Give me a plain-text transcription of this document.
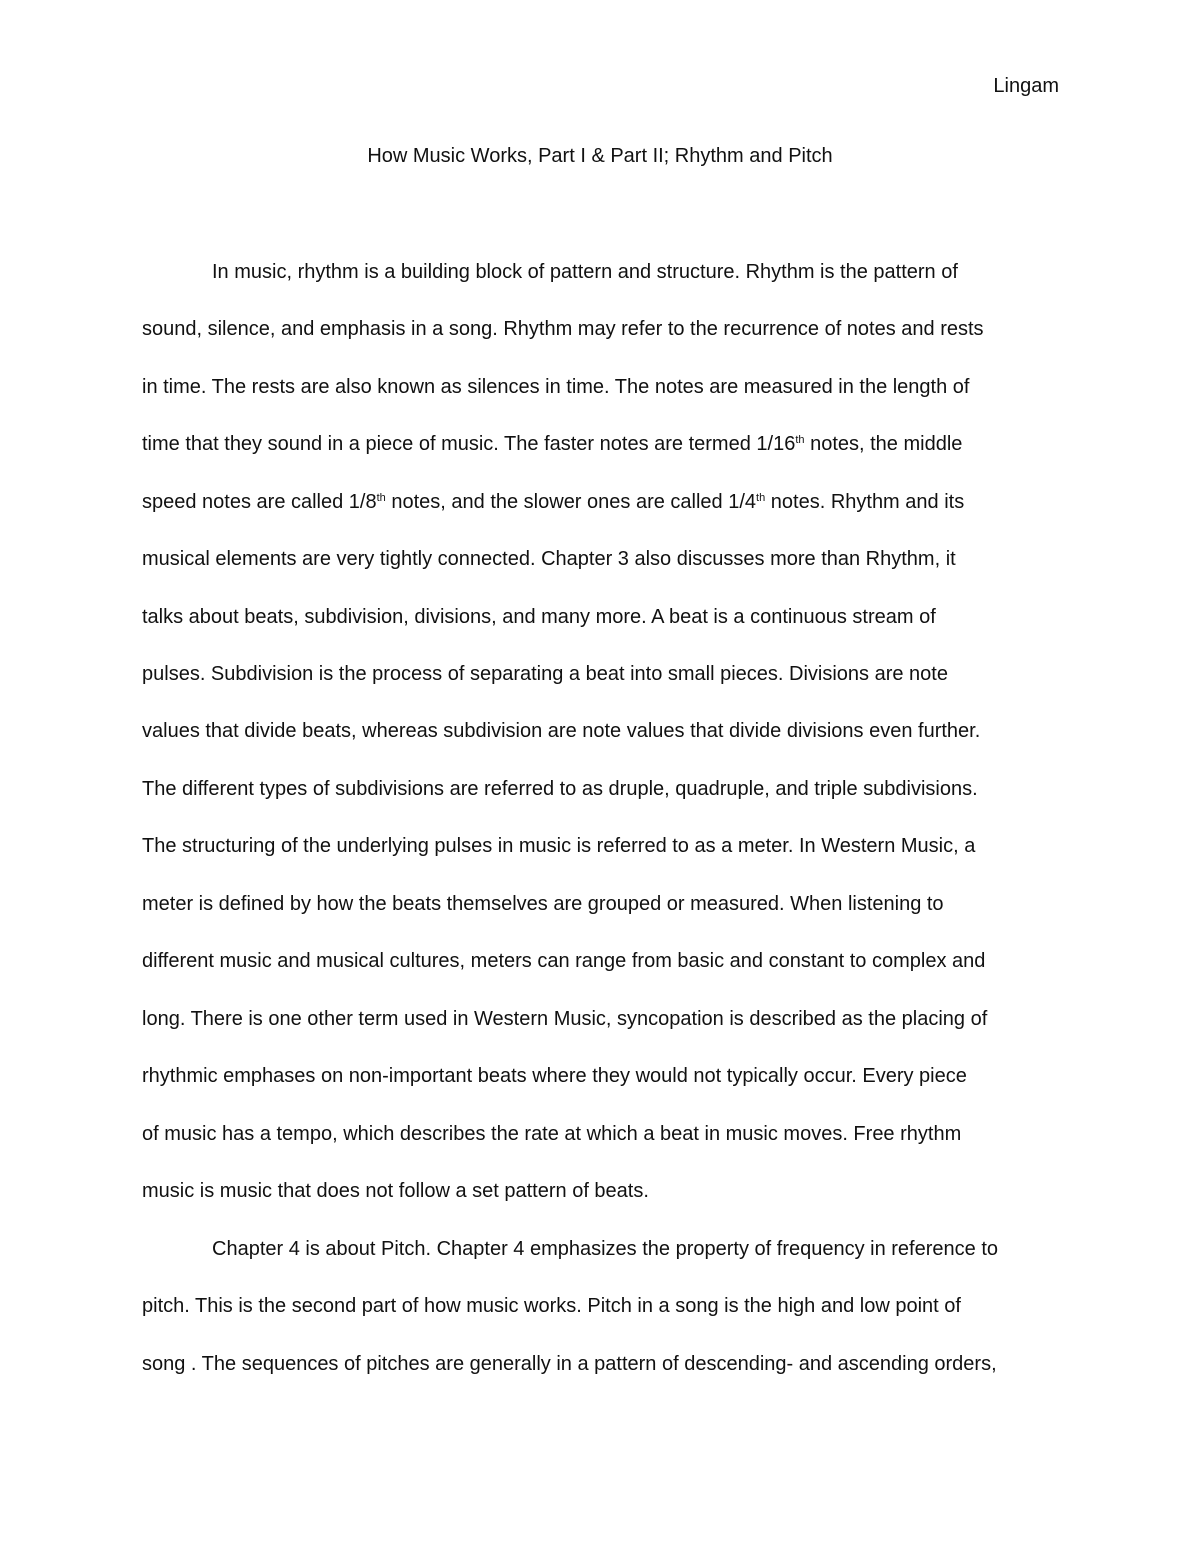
Lingam
How Music Works, Part I & Part II; Rhythm and Pitch
In music, rhythm is a building block of pattern and structure. Rhythm is the pattern of
sound, silence, and emphasis in a song. Rhythm may refer to the recurrence of notes and rests
in time. The rests are also known as silences in time. The notes are measured in the length of
time that they sound in a piece of music. The faster notes are termed 1/16th notes, the middle
speed notes are called 1/8th notes, and the slower ones are called 1/4th notes. Rhythm and its
musical elements are very tightly connected. Chapter 3 also discusses more than Rhythm, it
talks about beats, subdivision, divisions, and many more. A beat is a continuous stream of
pulses. Subdivision is the process of separating a beat into small pieces. Divisions are note
values that divide beats, whereas subdivision are note values that divide divisions even further.
The different types of subdivisions are referred to as druple, quadruple, and triple subdivisions.
The structuring of the underlying pulses in music is referred to as a meter. In Western Music, a
meter is defined by how the beats themselves are grouped or measured. When listening to
different music and musical cultures, meters can range from basic and constant to complex and
long. There is one other term used in Western Music, syncopation is described as the placing of
rhythmic emphases on non-important beats where they would not typically occur. Every piece
of music has a tempo, which describes the rate at which a beat in music moves. Free rhythm
music is music that does not follow a set pattern of beats.
Chapter 4 is about Pitch. Chapter 4 emphasizes the property of frequency in reference to
pitch. This is the second part of how music works. Pitch in a song is the high and low point of
song . The sequences of pitches are generally in a pattern of descending- and ascending orders,
